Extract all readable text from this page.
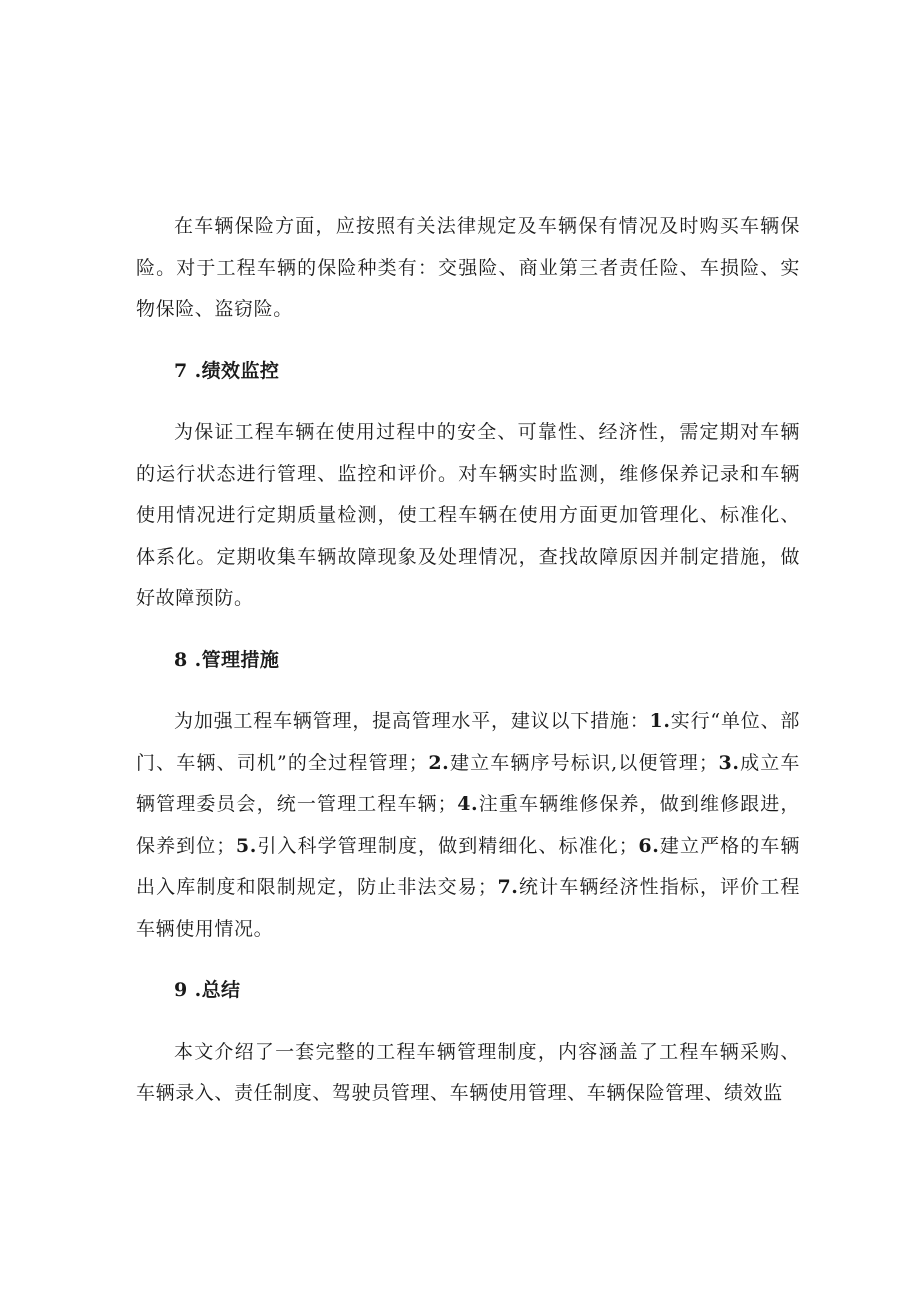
在车辆保险方面，应按照有关法律规定及车辆保有情况及时购买车辆保险。对于工程车辆的保险种类有：交强险、商业第三者责任险、车损险、实物保险、盗窃险。

7 .绩效监控

为保证工程车辆在使用过程中的安全、可靠性、经济性，需定期对车辆的运行状态进行管理、监控和评价。对车辆实时监测，维修保养记录和车辆使用情况进行定期质量检测，使工程车辆在使用方面更加管理化、标准化、体系化。定期收集车辆故障现象及处理情况，查找故障原因并制定措施，做好故障预防。

8 .管理措施

为加强工程车辆管理，提高管理水平，建议以下措施：1.实行“单位、部门、车辆、司机”的全过程管理；2.建立车辆序号标识,以便管理；3.成立车辆管理委员会，统一管理工程车辆；4.注重车辆维修保养，做到维修跟进，保养到位；5.引入科学管理制度，做到精细化、标准化；6.建立严格的车辆出入库制度和限制规定，防止非法交易；7.统计车辆经济性指标，评价工程车辆使用情况。

9 .总结

本文介绍了一套完整的工程车辆管理制度，内容涵盖了工程车辆采购、车辆录入、责任制度、驾驶员管理、车辆使用管理、车辆保险管理、绩效监
